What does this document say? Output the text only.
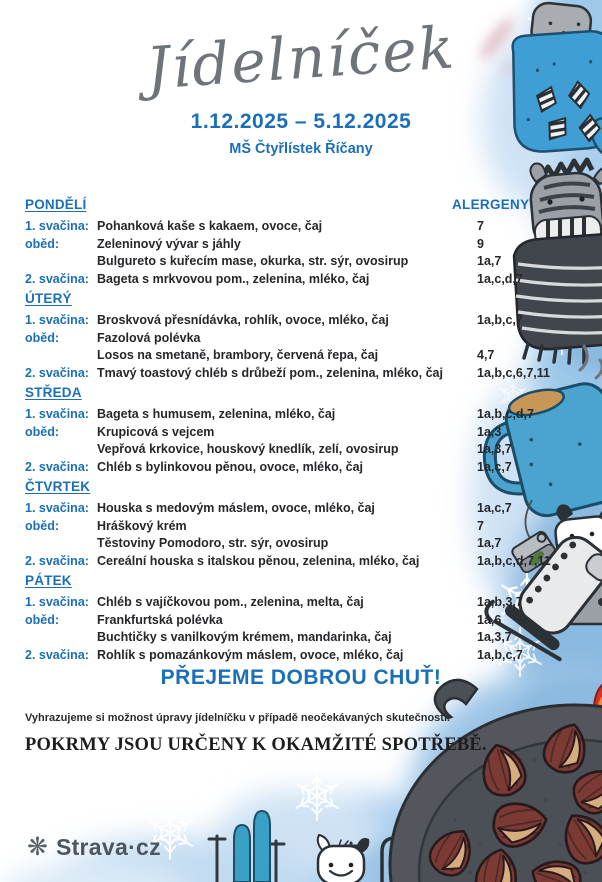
Jídelníček
1.12.2025 – 5.12.2025
MŠ Čtyřlístek Říčany
ALERGENY
PONDĚLÍ
1. svačina: Pohanková kaše s kakaem, ovoce, čaj	7
oběd:	Zeleninový vývar s jáhly	9
Bulgureto s kuřecím mase, okurka, str. sýr, ovosirup	1a,7
2. svačina: Bageta s mrkvovou pom., zelenina, mléko, čaj	1a,c,d,7
ÚTERÝ
1. svačina: Broskvová přesnídávka, rohlík, ovoce, mléko, čaj	1a,b,c,7
oběd:	Fazolová polévka
Losos na smetaně, brambory, červená řepa, čaj	4,7
2. svačina: Tmavý toastový chléb s drůbeží pom., zelenina, mléko, čaj	1a,b,c,6,7,11
STŘEDA
1. svačina: Bageta s humusem, zelenina, mléko, čaj	1a,b,c,d,7
oběd:	Krupicová s vejcem	1a,3
Vepřová krkovice, houskový knedlík, zelí, ovosirup	1a,3,7
2. svačina: Chléb s bylinkovou pěnou, ovoce, mléko, čaj	1a,c,7
ČTVRTEK
1. svačina: Houska s medovým máslem, ovoce, mléko, čaj	1a,c,7
oběd:	Hráškový krém	7
Těstoviny Pomodoro, str. sýr, ovosirup	1a,7
2. svačina: Cereální houska s italskou pěnou, zelenina, mléko, čaj	1a,b,c,d,7,11
PÁTEK
1. svačina: Chléb s vajíčkovou pom., zelenina, melta, čaj	1a,b,3,7
oběd:	Frankfurtská polévka	1a,6
Buchtičky s vanilkovým krémem, mandarinka, čaj	1a,3,7
2. svačina: Rohlík s pomazánkovým máslem, ovoce, mléko, čaj	1a,b,c,7
PŘEJEME DOBROU CHUŤ!
Vyhrazujeme si možnost úpravy jídelníčku v případě neočekávaných skutečností.
POKRMY JSOU URČENY K OKAMŽITÉ SPOTŘEBĚ.
❋ Strava·cz
